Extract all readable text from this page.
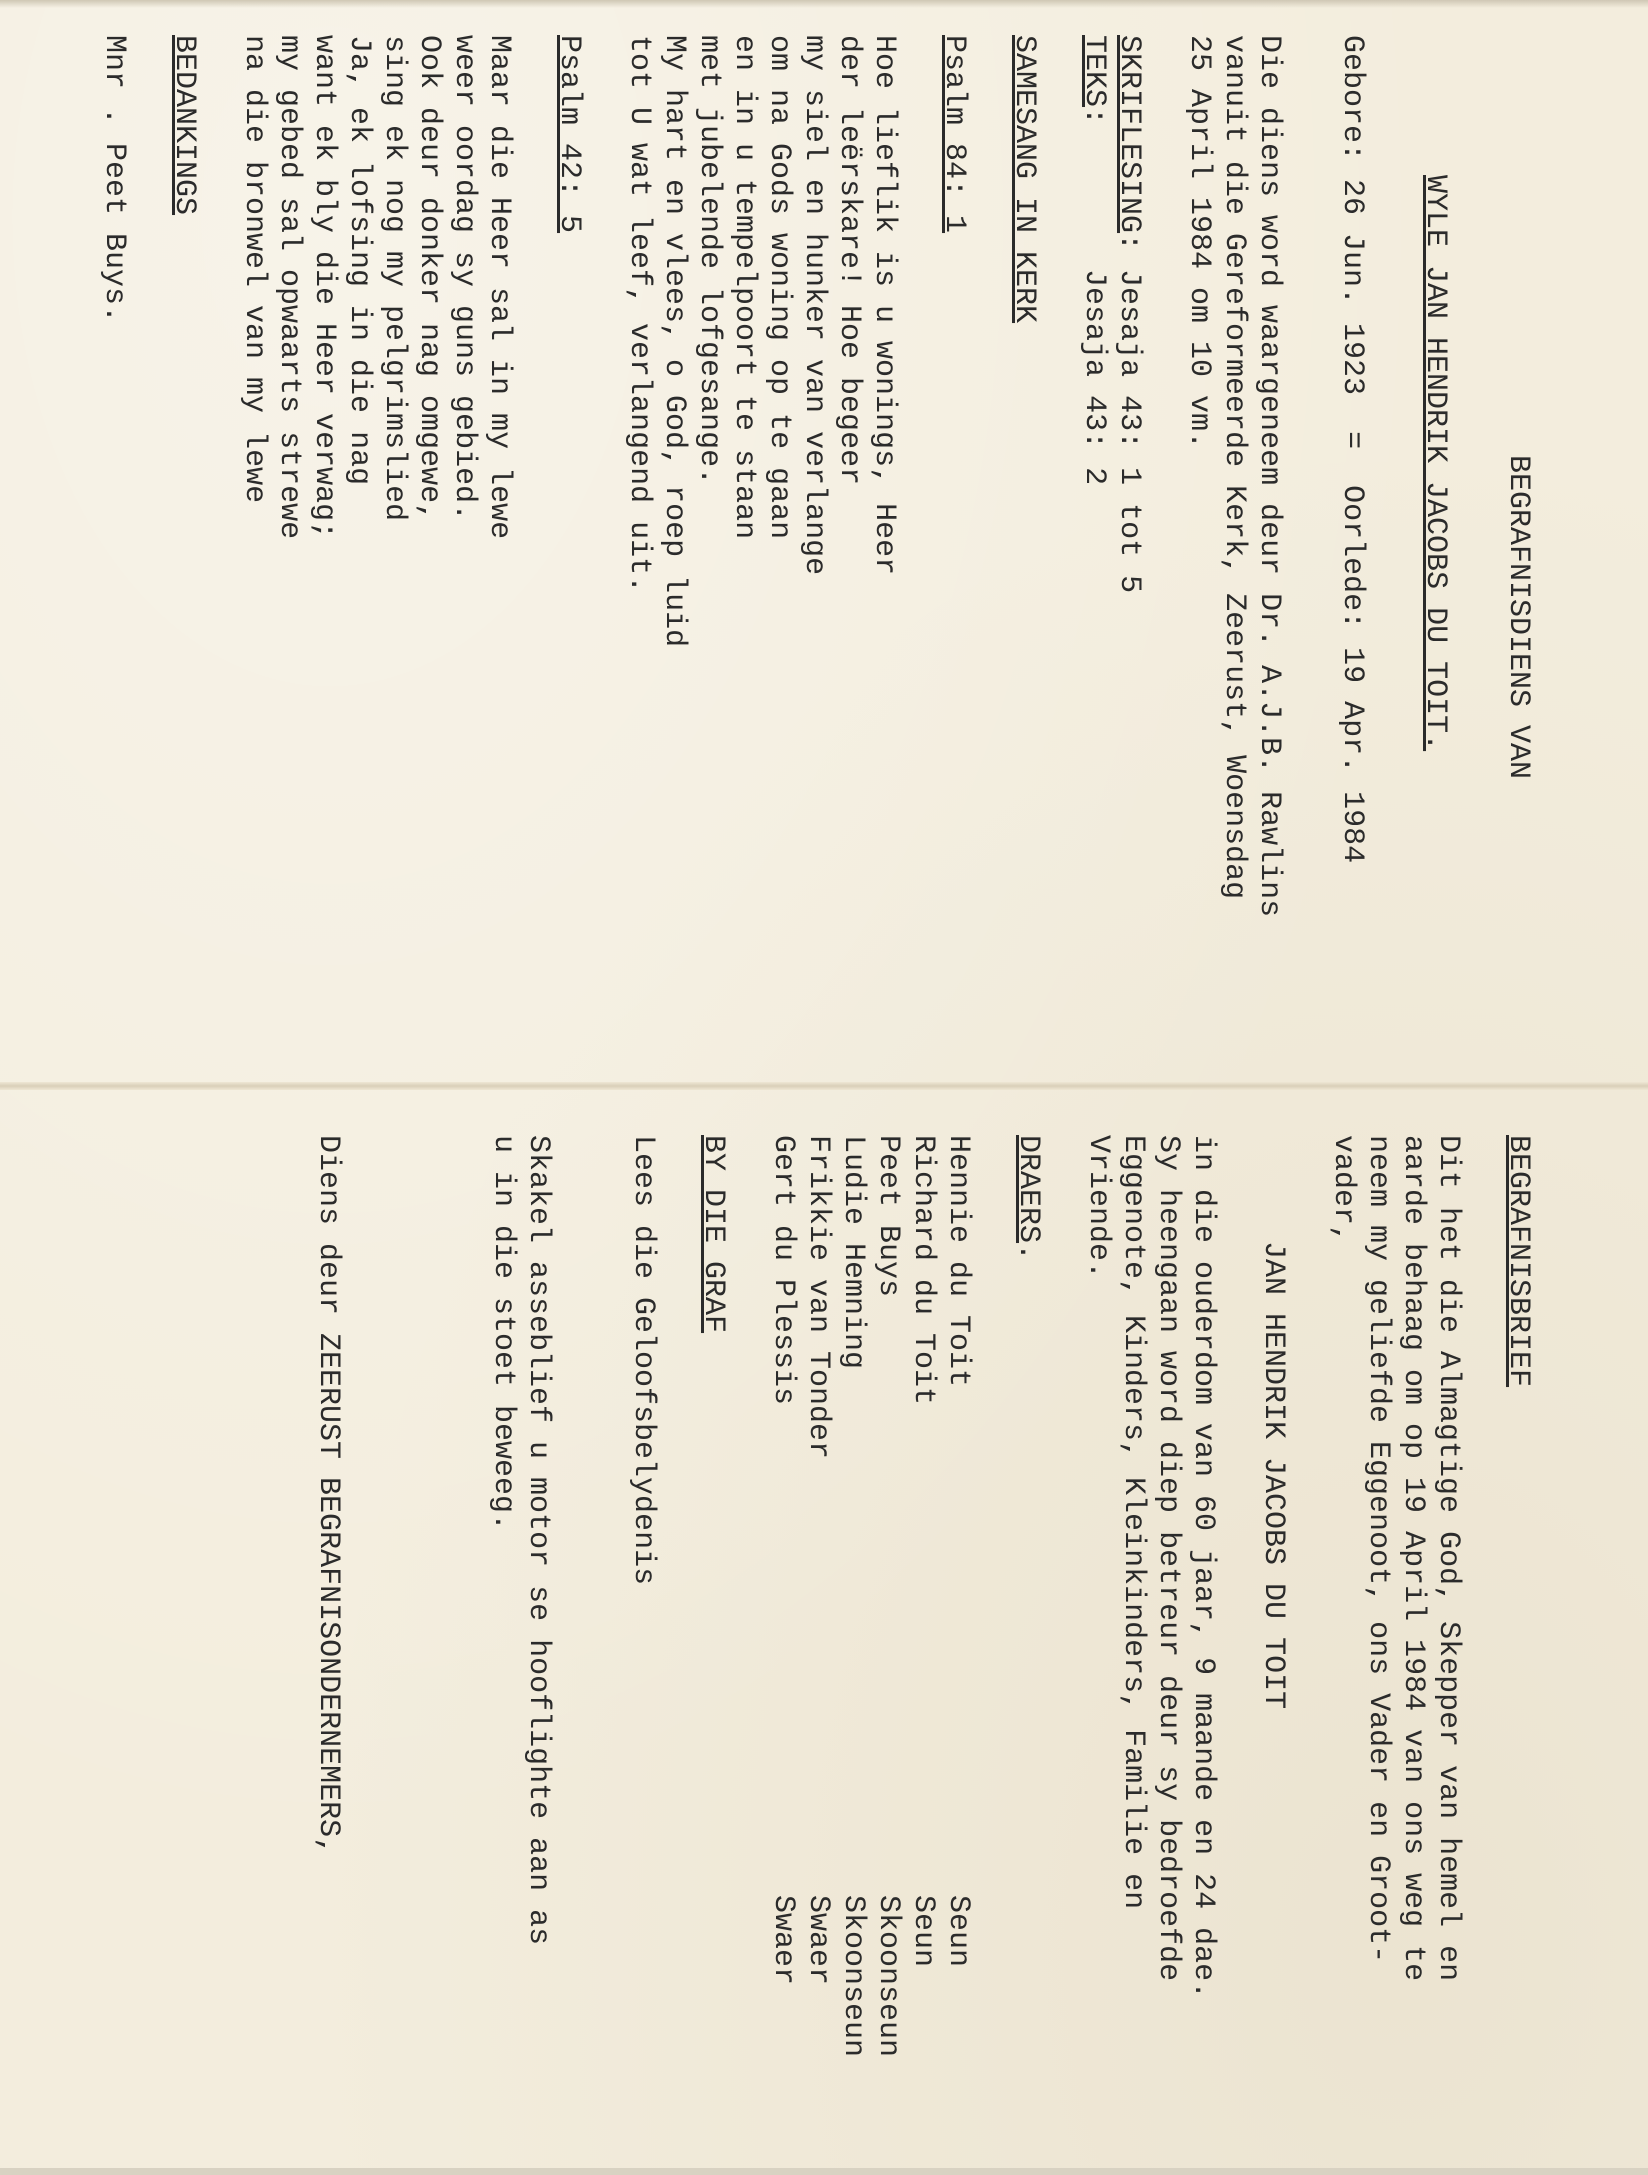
BEGRAFNISDIENS VAN
WYLE JAN HENDRIK JACOBS DU TOIT.
Gebore: 26 Jun. 1923  =  Oorlede: 19 Apr. 1984
Die diens word waargeneem deur Dr. A.J.B. Rawlins
vanuit die Gereformeerde Kerk, Zeerust, Woensdag
25 April 1984 om 10 vm.
SKRIFLESING: Jesaja 43: 1 tot 5
TEKS:        Jesaja 43: 2
SAMESANG IN KERK
Psalm 84: 1
Hoe lieflik is u wonings, Heer
der leërskare! Hoe begeer
my siel en hunker van verlange
om na Gods woning op te gaan
en in u tempelpoort te staan
met jubelende lofgesange.
My hart en vlees, o God, roep luid
tot U wat leef, verlangend uit.
Psalm 42: 5
Maar die Heer sal in my lewe
weer oordag sy guns gebied.
Ook deur donker nag omgewe,
sing ek nog my pelgrimslied
Ja, ek lofsing in die nag
want ek bly die Heer verwag;
my gebed sal opwaarts strewe
na die bronwel van my lewe
BEDANKINGS
Mnr . Peet Buys.
BEGRAFNISBRIEF
Dit het die Almagtige God, Skepper van hemel en
aarde behaag om op 19 April 1984 van ons weg te
neem my geliefde Eggenoot, ons Vader en Groot-
vader,
JAN HENDRIK JACOBS DU TOIT
in die ouderdom van 60 jaar, 9 maande en 24 dae.
Sy heengaan word diep betreur deur sy bedroefde
Eggenote, Kinders, Kleinkinders, Familie en
Vriende.
DRAERS.
Hennie du Toit
Seun
Richard du Toit
Seun
Peet Buys
Skoonseun
Ludie Hemning
Skoonseun
Frikkie van Tonder
Swaer
Gert du Plessis
Swaer
BY DIE GRAF
Lees die Geloofsbelydenis
Skakel asseblief u motor se hooflighte aan as
u in die stoet beweeg.
Diens deur ZEERUST BEGRAFNISONDERNEMERS,
